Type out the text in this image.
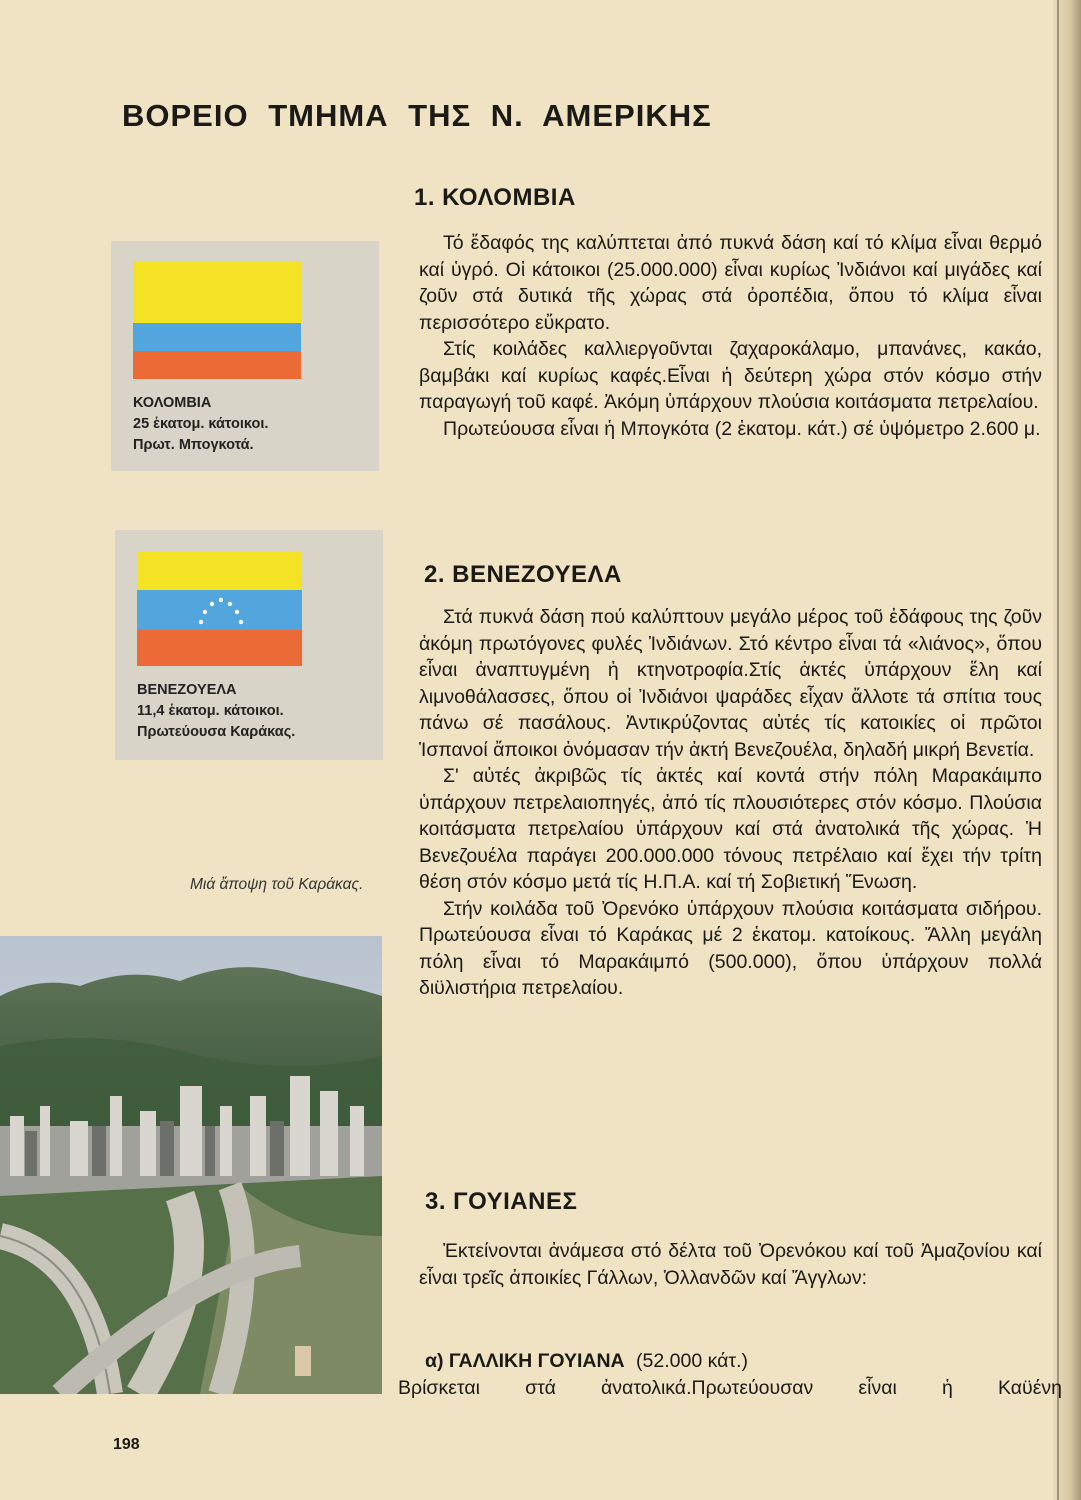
ΒΟΡΕΙΟ ΤΜΗΜΑ ΤΗΣ Ν. ΑΜΕΡΙΚΗΣ
ΚΟΛΟΜΒΙΑ
25 ἑκατομ. κάτοικοι.
Πρωτ. Μπογκοτά.
ΒΕΝΕΖΟΥΕΛΑ
11,4 ἑκατομ. κάτοικοι.
Πρωτεύουσα Καράκας.
Μιά ἄποψη τοῦ Καράκας.
1. ΚΟΛΟΜΒΙΑ

Τό ἔδαφός της καλύπτεται ἀπό πυκνά δάση καί τό κλίμα εἶναι θερμό καί ὑγρό. Οἱ κάτοικοι (25.000.000) εἶναι κυρίως Ἰνδιάνοι καί μιγάδες καί ζοῦν στά δυτικά τῆς χώρας στά ὀροπέδια, ὅπου τό κλίμα εἶναι περισσότερο εὔκρατο.

Στίς κοιλάδες καλλιεργοῦνται ζαχαροκάλαμο, μπανάνες, κακάο, βαμβάκι καί κυρίως καφές.Εἶναι ἡ δεύτερη χώρα στόν κόσμο στήν παραγωγή τοῦ καφέ. Ἀκόμη ὑπάρχουν πλούσια κοιτάσματα πετρελαίου.

Πρωτεύουσα εἶναι ἡ Μπογκότα (2 ἑκατομ. κάτ.) σέ ὑψόμετρο 2.600 μ.

2. ΒΕΝΕΖΟΥΕΛΑ

Στά πυκνά δάση πού καλύπτουν μεγάλο μέρος τοῦ ἐδάφους της ζοῦν ἀκόμη πρωτόγονες φυλές Ἰνδιάνων. Στό κέντρο εἶναι τά «λιάνος», ὅπου εἶναι ἀναπτυγμένη ἡ κτηνοτροφία.Στίς ἀκτές ὑπάρχουν ἕλη καί λιμνοθάλασσες, ὅπου οἱ Ἰνδιάνοι ψαράδες εἶχαν ἄλλοτε τά σπίτια τους πάνω σέ πασάλους. Ἀντικρύζοντας αὐτές τίς κατοικίες οἱ πρῶτοι Ἱσπανοί ἄποικοι ὀνόμασαν τήν ἀκτή Βενεζουέλα, δηλαδή μικρή Βενετία.

Σ' αὐτές ἀκριβῶς τίς ἀκτές καί κοντά στήν πόλη Μαρακάιμπο ὑπάρχουν πετρελαιοπηγές, ἀπό τίς πλουσιότερες στόν κόσμο. Πλούσια κοιτάσματα πετρελαίου ὑπάρχουν καί στά ἀνατολικά τῆς χώρας. Ἡ Βενεζουέλα παράγει 200.000.000 τόνους πετρέλαιο καί ἔχει τήν τρίτη θέση στόν κόσμο μετά τίς Η.Π.Α. καί τή Σοβιετική Ἕνωση.

Στήν κοιλάδα τοῦ Ὀρενόκο ὑπάρχουν πλούσια κοιτάσματα σιδήρου. Πρωτεύουσα εἶναι τό Καράκας μέ 2 ἑκατομ. κατοίκους. Ἄλλη μεγάλη πόλη εἶναι τό Μαρακάιμπό (500.000), ὅπου ὑπάρχουν πολλά διϋλιστήρια πετρελαίου.

3. ΓΟΥΙΑΝΕΣ

Ἐκτείνονται ἀνάμεσα στό δέλτα τοῦ Ὀρενόκου καί τοῦ Ἀμαζονίου καί εἶναι τρεῖς ἀποικίες Γάλλων, Ὀλλανδῶν καί Ἄγγλων:

α) ΓΑΛΛΙΚΗ ΓΟΥΙΑΝΑ (52.000 κάτ.)
Βρίσκεται στά ἀνατολικά.Πρωτεύουσαν εἶναι ἡ Καϋένη
198
